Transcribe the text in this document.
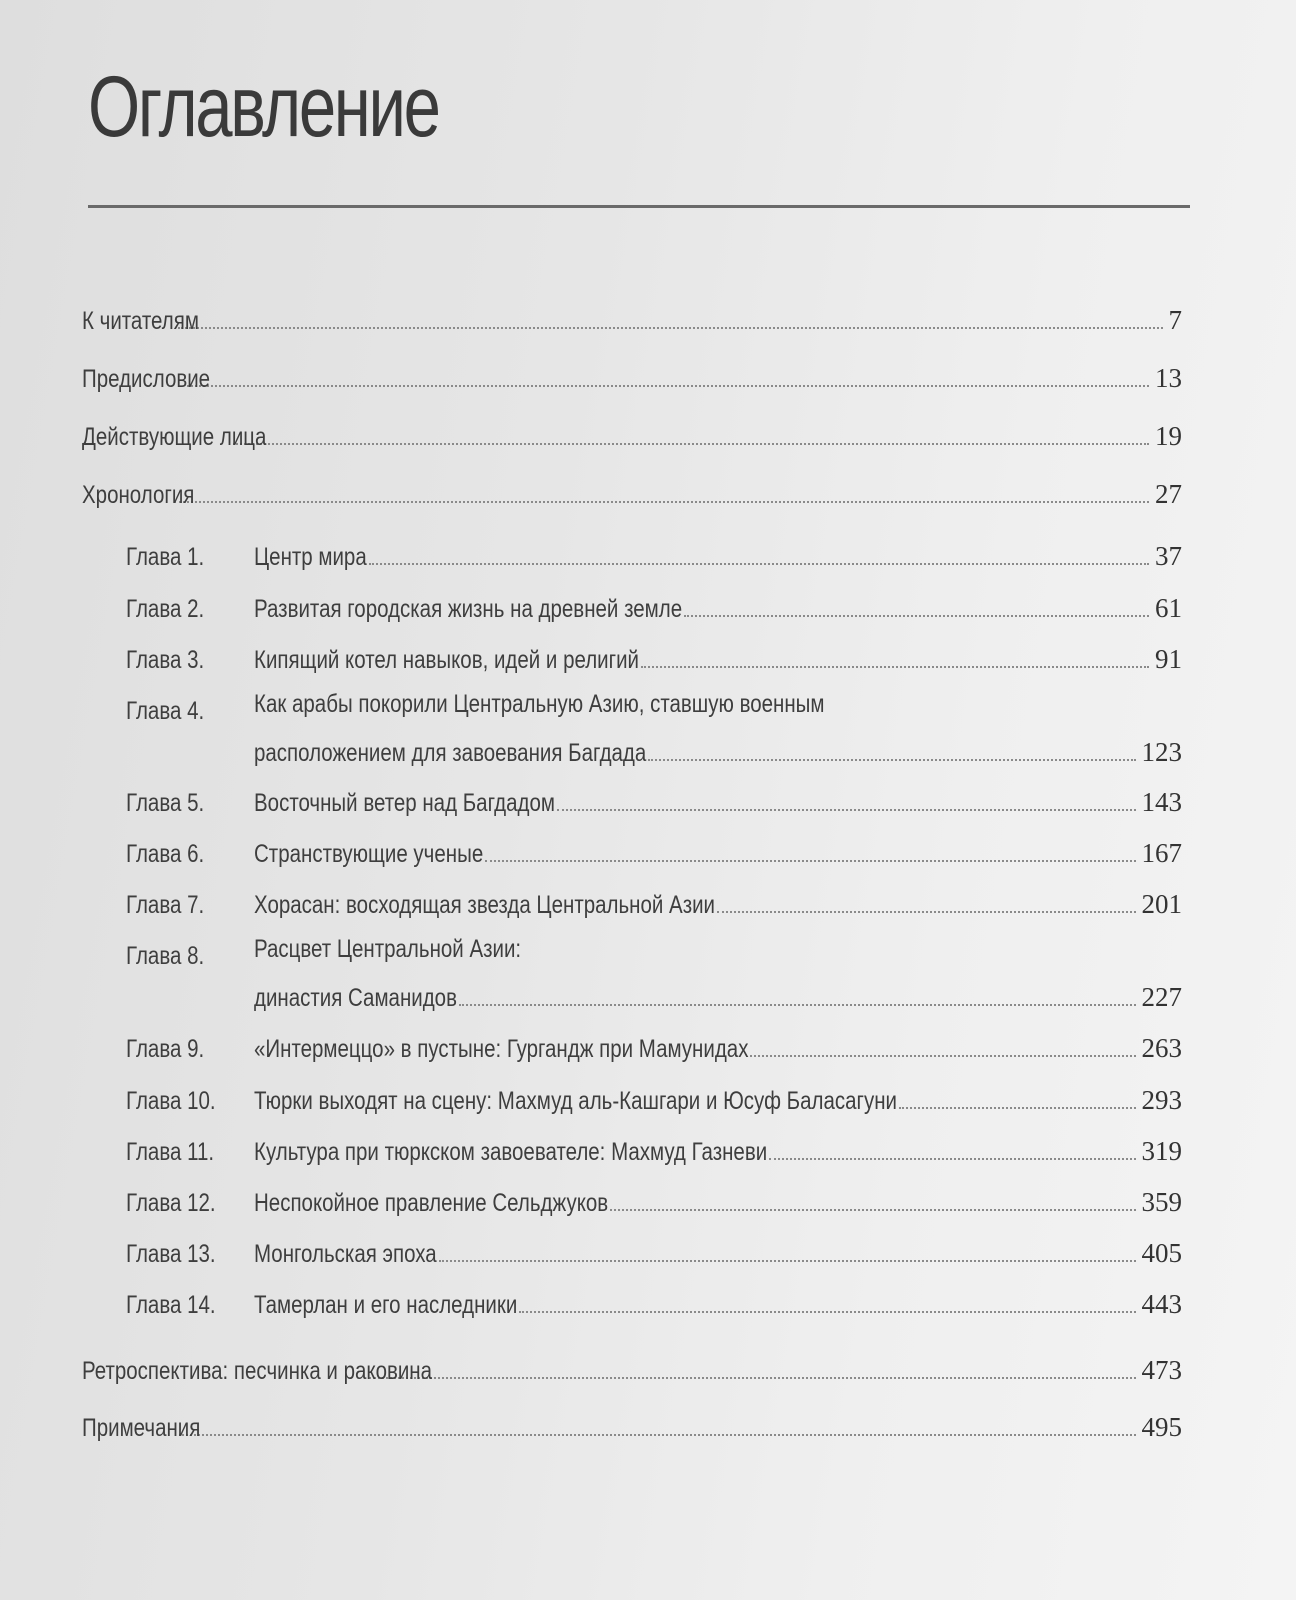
Оглавление
К читателям	7
Предисловие	13
Действующие лица	19
Хронология	27
Глава 1. Центр мира	37
Глава 2. Развитая городская жизнь на древней земле	61
Глава 3. Кипящий котел навыков, идей и религий	91
Глава 4. Как арабы покорили Центральную Азию, ставшую военным
расположением для завоевания Багдада	123
Глава 5. Восточный ветер над Багдадом	143
Глава 6. Странствующие ученые	167
Глава 7. Хорасан: восходящая звезда Центральной Азии	201
Глава 8. Расцвет Центральной Азии:
династия Саманидов	227
Глава 9. «Интермеццо» в пустыне: Гургандж при Мамунидах	263
Глава 10. Тюрки выходят на сцену: Махмуд аль-Кашгари и Юсуф Баласагуни	293
Глава 11. Культура при тюркском завоевателе: Махмуд Газневи	319
Глава 12. Неспокойное правление Сельджуков	359
Глава 13. Монгольская эпоха	405
Глава 14. Тамерлан и его наследники	443
Ретроспектива: песчинка и раковина	473
Примечания	495
